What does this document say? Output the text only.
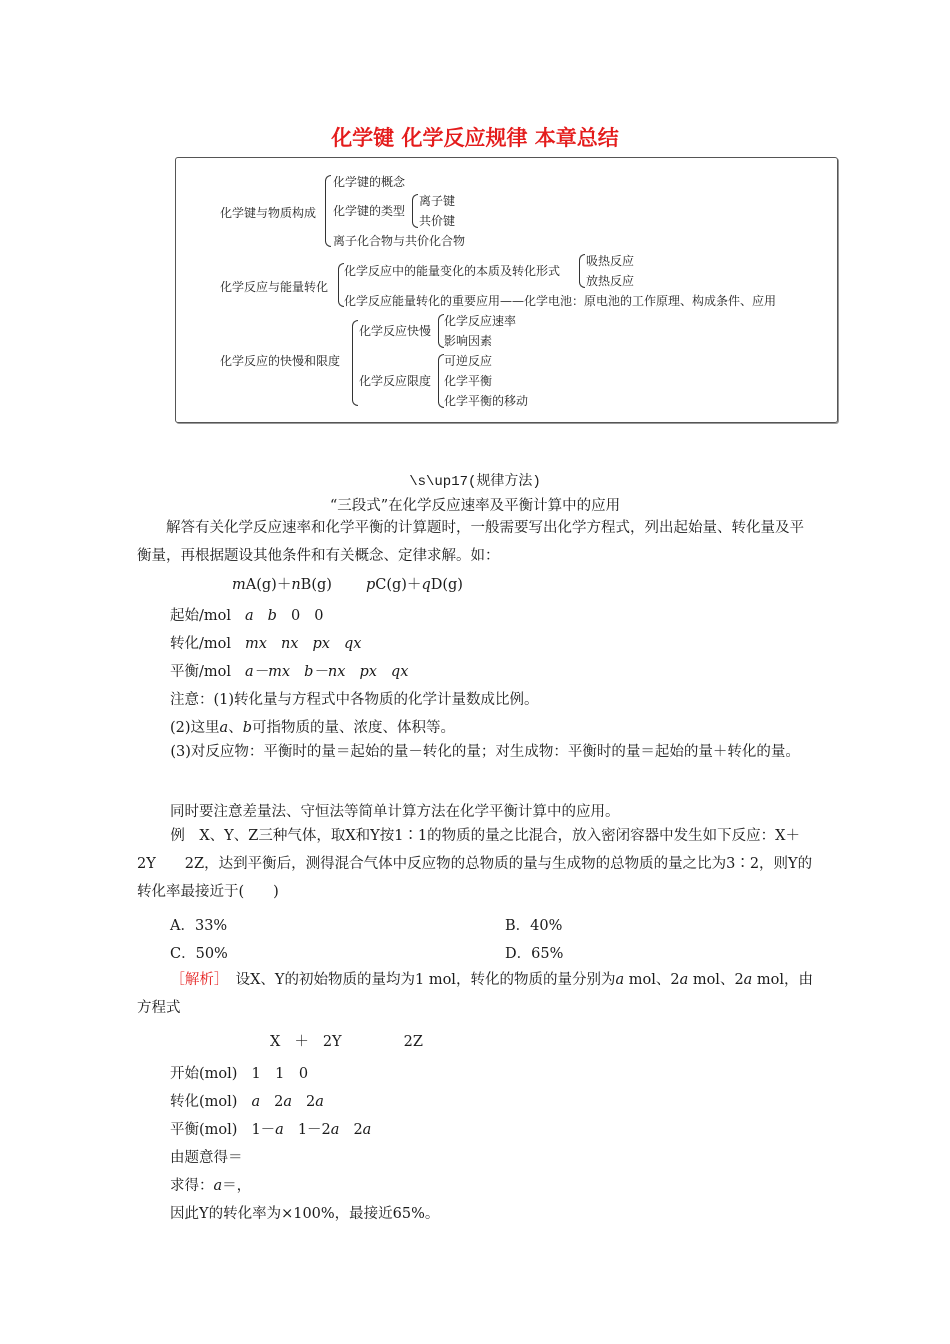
化学键 化学反应规律 本章总结
化学键与物质构成
化学键的概念
化学键的类型
离子键
共价键
离子化合物与共价化合物
化学反应与能量转化
化学反应中的能量变化的本质及转化形式
吸热反应
放热反应
化学反应能量转化的重要应用——化学电池：原电池的工作原理、构成条件、应用
化学反应的快慢和限度
化学反应快慢
化学反应速率
影响因素
化学反应限度
可逆反应
化学平衡
化学平衡的移动
\s\up17(规律方法)
“三段式”在化学反应速率及平衡计算中的应用
解答有关化学反应速率和化学平衡的计算题时，一般需要写出化学方程式，列出起始量、转化量及平衡量，再根据题设其他条件和有关概念、定律求解。如：
mA(g)＋nB(g) pC(g)＋qD(g)
起始/mol a b 0 0
转化/mol mx nx px qx
平衡/mol a－mx b－nx px qx
注意：(1)转化量与方程式中各物质的化学计量数成比例。
(2)这里a、b可指物质的量、浓度、体积等。
(3)对反应物：平衡时的量＝起始的量－转化的量；对生成物：平衡时的量＝起始的量＋转化的量。
同时要注意差量法、守恒法等简单计算方法在化学平衡计算中的应用。
例　X、Y、Z三种气体，取X和Y按1∶1的物质的量之比混合，放入密闭容器中发生如下反应：X＋2Y　　2Z，达到平衡后，测得混合气体中反应物的总物质的量与生成物的总物质的量之比为3∶2，则Y的转化率最接近于(　　)
A．33%	B．40%
C．50%	D．65%
［解析］　设X、Y的初始物质的量均为1 mol，转化的物质的量分别为a mol、2a mol、2a mol，由方程式
X ＋ 2Y	2Z
开始(mol) 1　1　0
转化(mol) a 2a 2a
平衡(mol) 1－a 1－2a 2a
由题意得＝
求得：a＝，
因此Y的转化率为×100%，最接近65%。
